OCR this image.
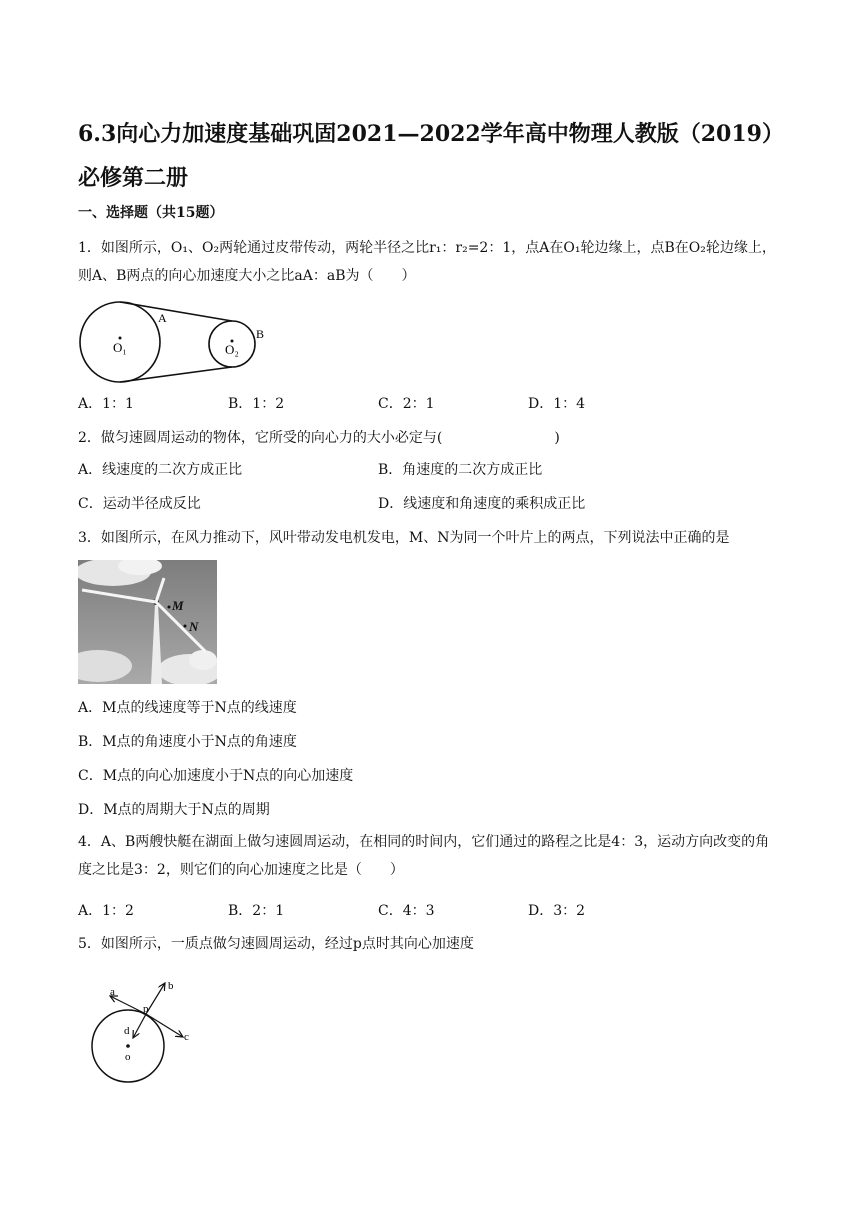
6.3向心力加速度基础巩固2021—2022学年高中物理人教版（2019）必修第二册
一、选择题（共15题）
1．如图所示，O₁、O₂两轮通过皮带传动，两轮半径之比r₁：r₂=2：1，点A在O₁轮边缘上，点B在O₂轮边缘上，则A、B两点的向心加速度大小之比aA：aB为（　　）
O₁	O₂
A
B
A．1：1	B．1：2	C．2：1	D．1：4
2．做匀速圆周运动的物体，它所受的向心力的大小必定与(　　　　　　　　)
A．线速度的二次方成正比	B．角速度的二次方成正比
C．运动半径成反比	D．线速度和角速度的乘积成正比
3．如图所示，在风力推动下，风叶带动发电机发电，M、N为同一个叶片上的两点，下列说法中正确的是
M
N
A．M点的线速度等于N点的线速度
B．M点的角速度小于N点的角速度
C．M点的向心加速度小于N点的向心加速度
D．M点的周期大于N点的周期
4．A、B两艘快艇在湖面上做匀速圆周运动，在相同的时间内，它们通过的路程之比是4：3，运动方向改变的角度之比是3：2，则它们的向心加速度之比是（　　）
A．1：2	B．2：1	C．4：3	D．3：2
5．如图所示，一质点做匀速圆周运动，经过p点时其向心加速度
a	b
c
d
p
o
